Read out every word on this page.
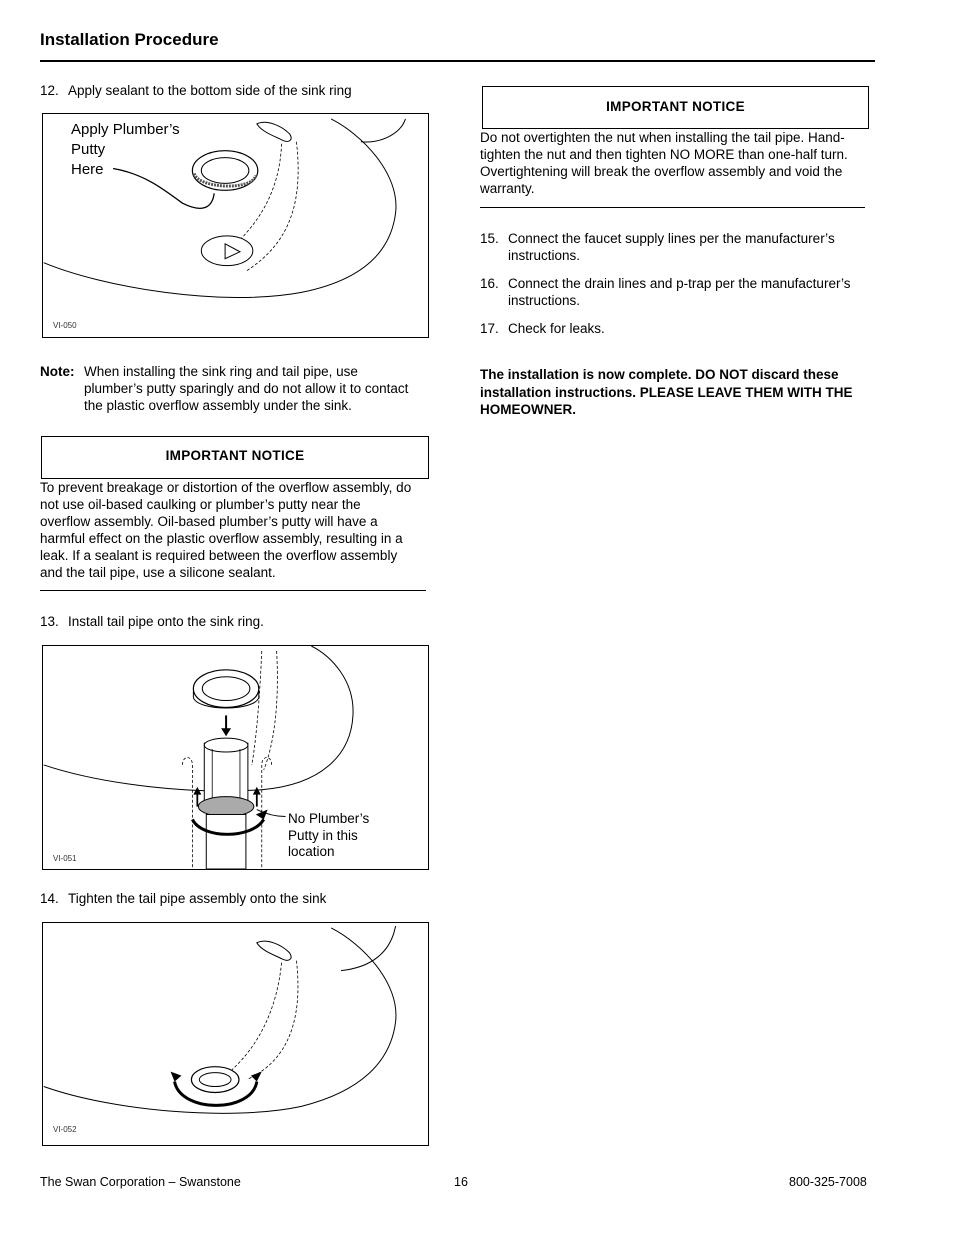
Installation Procedure
12. Apply sealant to the bottom side of the sink ring
Apply Plumber’s
Putty
Here
VI-050
Note: When installing the sink ring and tail pipe, use
plumber’s putty sparingly and do not allow it to contact
the plastic overflow assembly under the sink.
IMPORTANT NOTICE
To prevent breakage or distortion of the overflow assembly, do
not use oil-based caulking or plumber’s putty near the
overflow assembly. Oil-based plumber’s putty will have a
harmful effect on the plastic overflow assembly, resulting in a
leak. If a sealant is required between the overflow assembly
and the tail pipe, use a silicone sealant.
13. Install tail pipe onto the sink ring.
No Plumber’s
Putty in this
location
VI-051
14. Tighten the tail pipe assembly onto the sink
VI-052
IMPORTANT NOTICE
Do not overtighten the nut when installing the tail pipe. Hand-
tighten the nut and then tighten NO MORE than one-half turn.
Overtightening will break the overflow assembly and void the
warranty.
15. Connect the faucet supply lines per the manufacturer’s instructions.
16. Connect the drain lines and p-trap per the manufacturer’s instructions.
17. Check for leaks.
The installation is now complete. DO NOT discard these
installation instructions. PLEASE LEAVE THEM WITH THE
HOMEOWNER.
The Swan Corporation – Swanstone	16	800-325-7008
